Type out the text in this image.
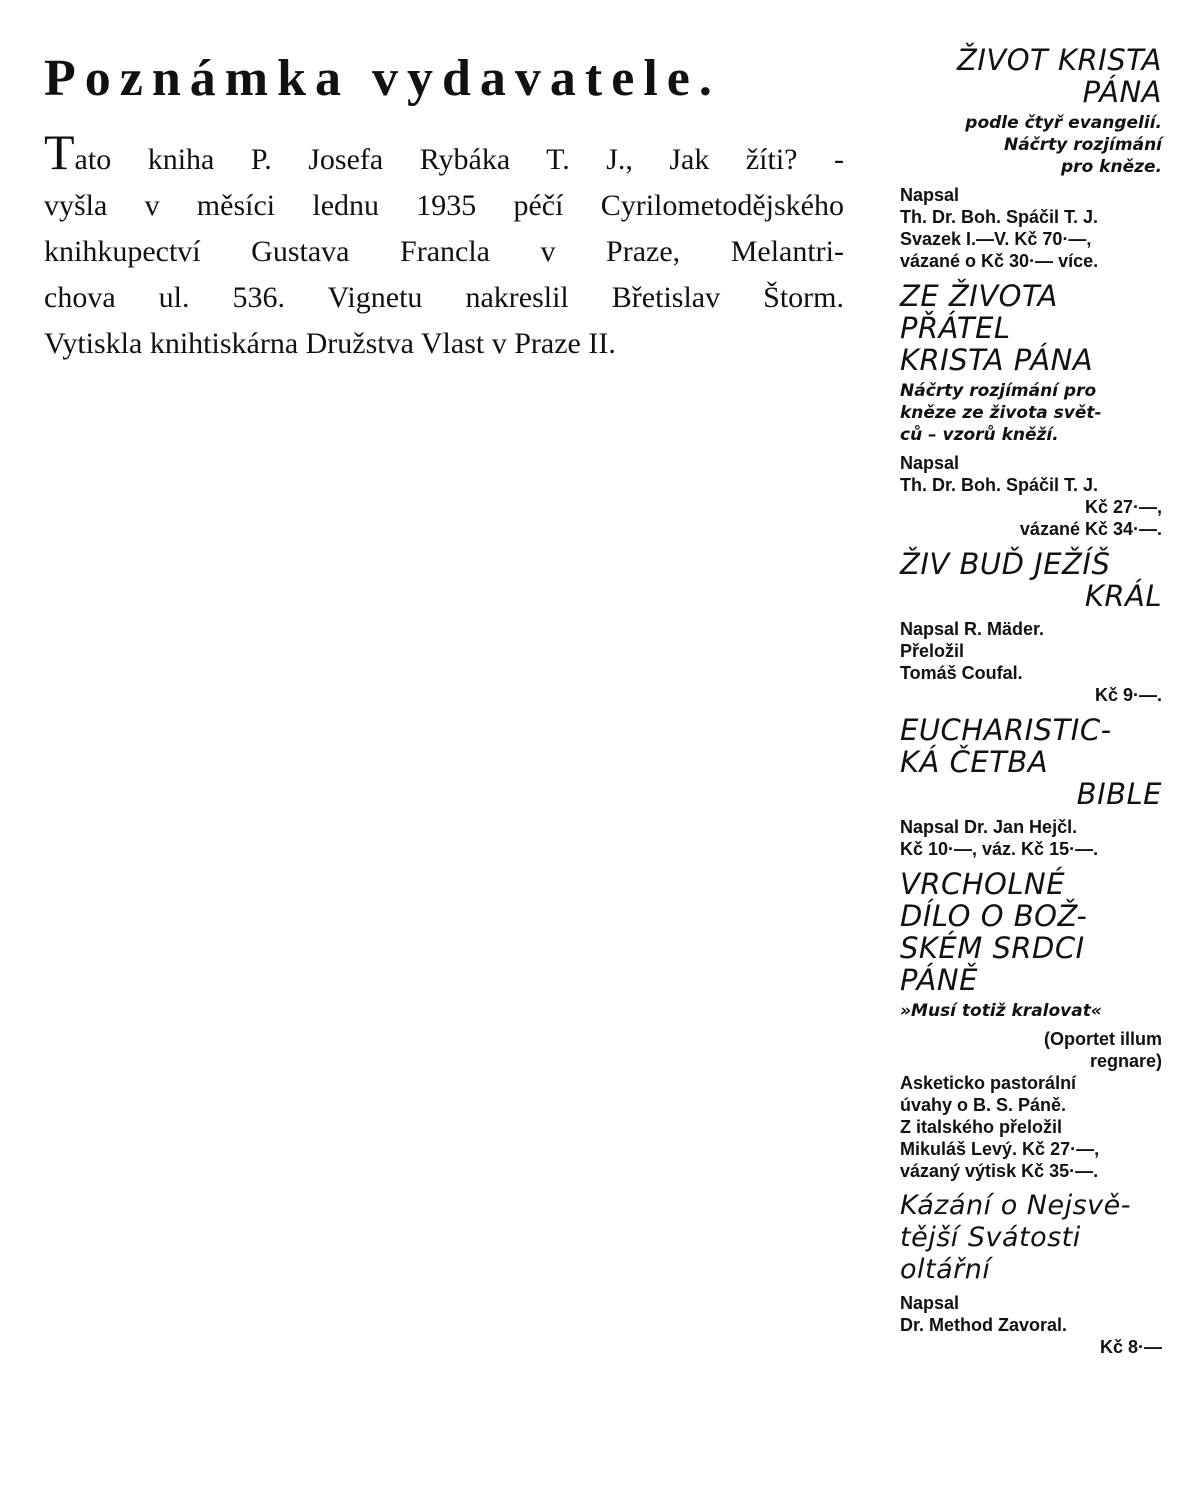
Poznámka vydavatele.

Tato kniha P. Josefa Rybáka T. J., Jak žíti? -
vyšla v měsíci lednu 1935 péčí Cyrilometodějského
knihkupectví Gustava Francla v Praze, Melantri-
chova ul. 536. Vignetu nakreslil Břetislav Štorm.
Vytiskla knihtiskárna Družstva Vlast v Praze II.

ŽIVOT KRISTA
PÁNA
podle čtyř evangelií.
Náčrty rozjímání
pro kněze.
Napsal
Th. Dr. Boh. Spáčil T. J.
Svazek I.—V. Kč 70·—,
vázané o Kč 30·— více.
ZE ŽIVOTA
PŘÁTEL
KRISTA PÁNA
Náčrty rozjímání pro
kněze ze života svět-
ců – vzorů kněží.
Napsal
Th. Dr. Boh. Spáčil T. J.
Kč 27·—,
vázané Kč 34·—.
ŽIV BUĎ JEŽÍŠ
KRÁL
Napsal R. Mäder.
Přeložil
Tomáš Coufal.
Kč 9·—.
EUCHARISTIC-
KÁ ČETBA
BIBLE
Napsal Dr. Jan Hejčl.
Kč 10·—, váz. Kč 15·—.
VRCHOLNÉ
DÍLO O BOŽ-
SKÉM SRDCI
PÁNĚ
»Musí totiž kralovat«
(Oportet illum
regnare)
Asketicko pastorální
úvahy o B. S. Páně.
Z italského přeložil
Mikuláš Levý. Kč 27·—,
vázaný výtisk Kč 35·—.
Kázání o Nejsvě-
tější Svátosti
oltářní
Napsal
Dr. Method Zavoral.
Kč 8·—
